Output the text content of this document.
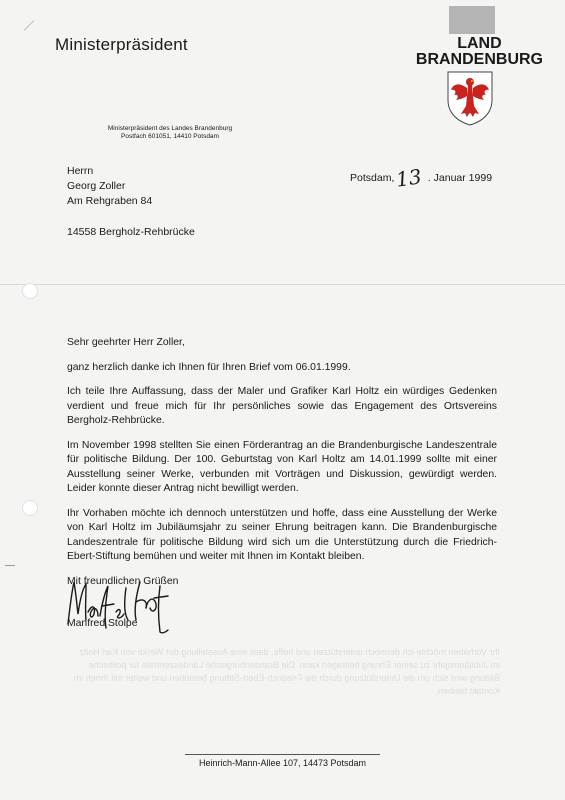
Ministerpräsident	LAND
BRANDENBURG
Ministerpräsident des Landes Brandenburg
Postfach 601051, 14410 Potsdam
Herrn
Georg Zoller
Am Rehgraben 84
14558 Bergholz-Rehbrücke
Potsdam,13 . Januar 1999

Sehr geehrter Herr Zoller,

ganz herzlich danke ich Ihnen für Ihren Brief vom 06.01.1999.

Ich teile Ihre Auffassung, dass der Maler und Grafiker Karl Holtz ein würdiges Gedenken verdient und freue mich für Ihr persönliches sowie das Engagement des Ortsvereins Bergholz-Rehbrücke.

Im November 1998 stellten Sie einen Förderantrag an die Brandenburgische Landeszentrale für politische Bildung. Der 100. Geburtstag von Karl Holtz am 14.01.1999 sollte mit einer Ausstellung seiner Werke, verbunden mit Vorträgen und Diskussion, gewürdigt werden. Leider konnte dieser Antrag nicht bewilligt werden.

Ihr Vorhaben möchte ich dennoch unterstützen und hoffe, dass eine Ausstellung der Werke von Karl Holtz im Jubiläumsjahr zu seiner Ehrung beitragen kann. Die Brandenburgische Landeszentrale für politische Bildung wird sich um die Unterstützung durch die Friedrich-Ebert-Stiftung bemühen und weiter mit Ihnen im Kontakt bleiben.

Mit freundlichen Grüßen

Manfred Stolpe
Ihr Vorhaben möchte ich dennoch unterstützen und hoffe, dass eine Ausstellung der Werke von Karl Holtz im Jubiläumsjahr zu seiner Ehrung beitragen kann. Die Brandenburgische Landeszentrale für politische Bildung wird sich um die Unterstützung durch die Friedrich-Ebert-Stiftung bemühen und weiter mit Ihnen im Kontakt bleiben.
Heinrich-Mann-Allee 107, 14473 Potsdam
